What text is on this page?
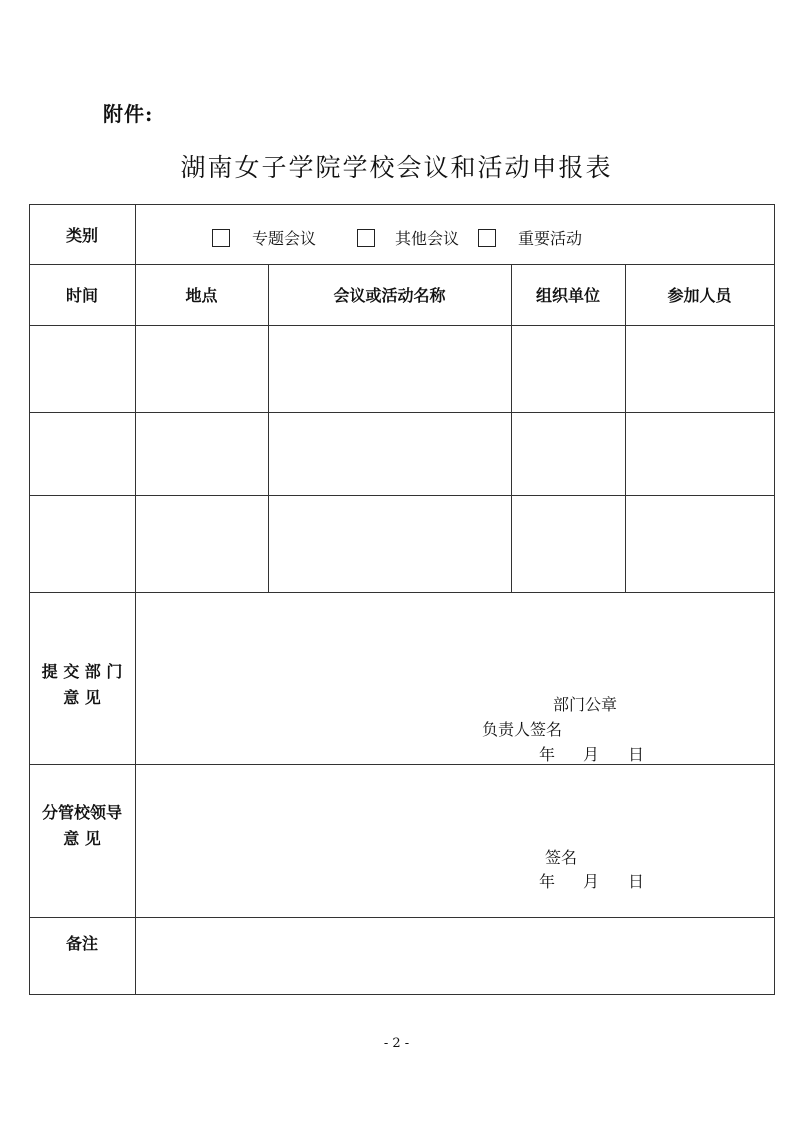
附件:
湖南女子学院学校会议和活动申报表
类别	专题会议	其他会议	重要活动
时间	地点	会议或活动名称	组织单位	参加人员
提 交 部 门
意 见	部门公章
负责人签名
年 月 日
分管校领导
意 见
签名
年 月 日
备注
- 2 -
